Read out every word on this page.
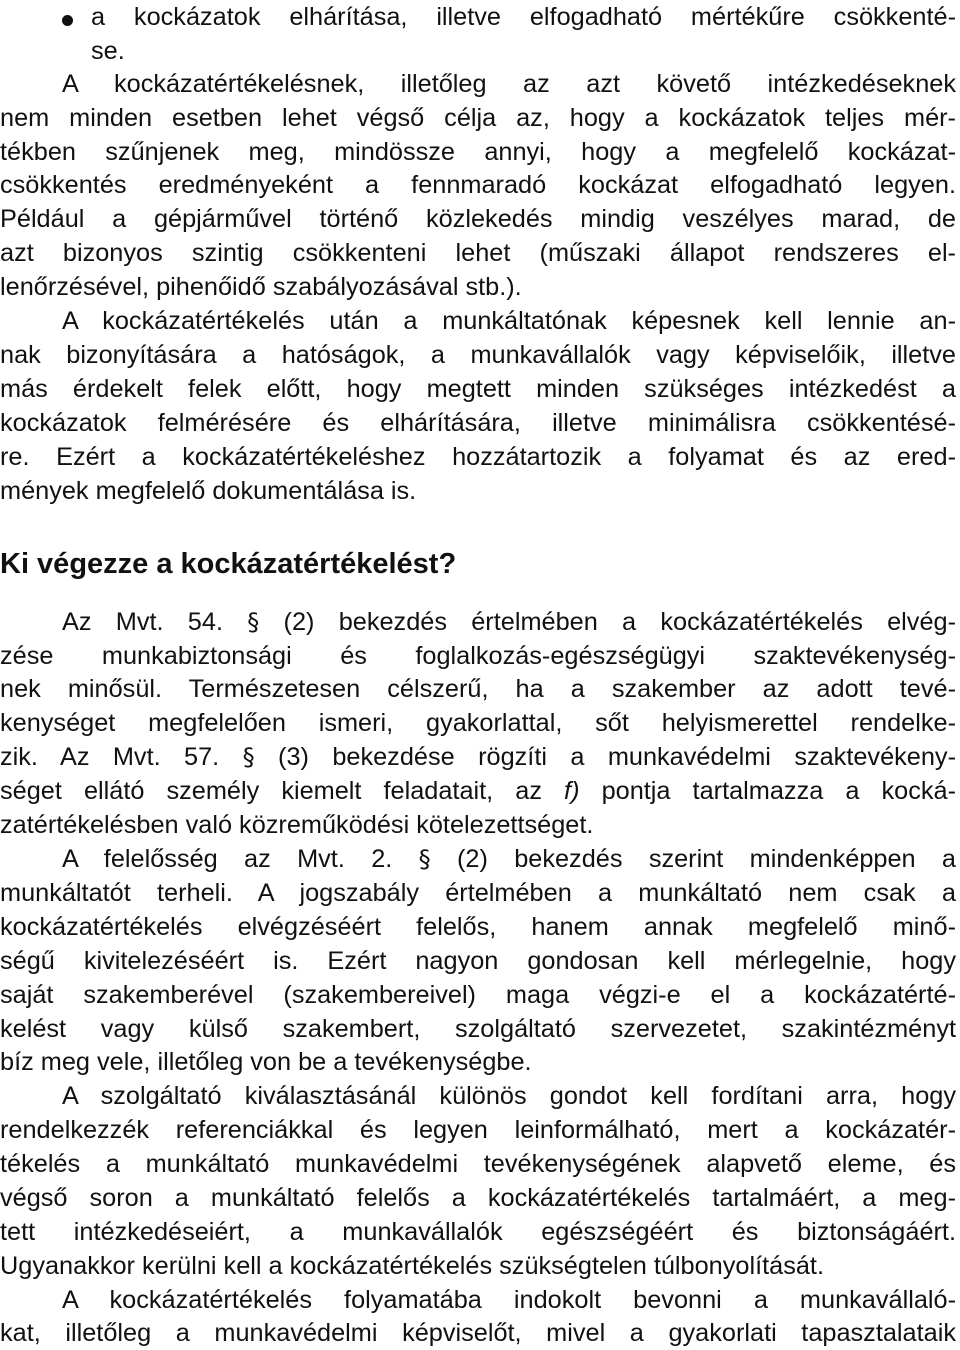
a kockázatok elhárítása, illetve elfogadható mértékűre csökkenté-
se.
A kockázatértékelésnek, illetőleg az azt követő intézkedéseknek
nem minden esetben lehet végső célja az, hogy a kockázatok teljes mér-
tékben szűnjenek meg, mindössze annyi, hogy a megfelelő kockázat-
csökkentés eredményeként a fennmaradó kockázat elfogadható legyen.
Például a gépjárművel történő közlekedés mindig veszélyes marad, de
azt bizonyos szintig csökkenteni lehet (műszaki állapot rendszeres el-
lenőrzésével, pihenőidő szabályozásával stb.).
A kockázatértékelés után a munkáltatónak képesnek kell lennie an-
nak bizonyítására a hatóságok, a munkavállalók vagy képviselőik, illetve
más érdekelt felek előtt, hogy megtett minden szükséges intézkedést a
kockázatok felmérésére és elhárítására, illetve minimálisra csökkentésé-
re. Ezért a kockázatértékeléshez hozzátartozik a folyamat és az ered-
mények megfelelő dokumentálása is.
Ki végezze a kockázatértékelést?
Az Mvt. 54. § (2) bekezdés értelmében a kockázatértékelés elvég-
zése munkabiztonsági és foglalkozás-egészségügyi szaktevékenység-
nek minősül. Természetesen célszerű, ha a szakember az adott tevé-
kenységet megfelelően ismeri, gyakorlattal, sőt helyismerettel rendelke-
zik. Az Mvt. 57. § (3) bekezdése rögzíti a munkavédelmi szaktevékeny-
séget ellátó személy kiemelt feladatait, az f) pontja tartalmazza a kocká-
zatértékelésben való közreműködési kötelezettséget.
A felelősség az Mvt. 2. § (2) bekezdés szerint mindenképpen a
munkáltatót terheli. A jogszabály értelmében a munkáltató nem csak a
kockázatértékelés elvégzéséért felelős, hanem annak megfelelő minő-
ségű kivitelezéséért is. Ezért nagyon gondosan kell mérlegelnie, hogy
saját szakemberével (szakembereivel) maga végzi-e el a kockázatérté-
kelést vagy külső szakembert, szolgáltató szervezetet, szakintézményt
bíz meg vele, illetőleg von be a tevékenységbe.
A szolgáltató kiválasztásánál különös gondot kell fordítani arra, hogy
rendelkezzék referenciákkal és legyen leinformálható, mert a kockázatér-
tékelés a munkáltató munkavédelmi tevékenységének alapvető eleme, és
végső soron a munkáltató felelős a kockázatértékelés tartalmáért, a meg-
tett intézkedéseiért, a munkavállalók egészségéért és biztonságáért.
Ugyanakkor kerülni kell a kockázatértékelés szükségtelen túlbonyolítását.
A kockázatértékelés folyamatába indokolt bevonni a munkavállaló-
kat, illetőleg a munkavédelmi képviselőt, mivel a gyakorlati tapasztalataik
